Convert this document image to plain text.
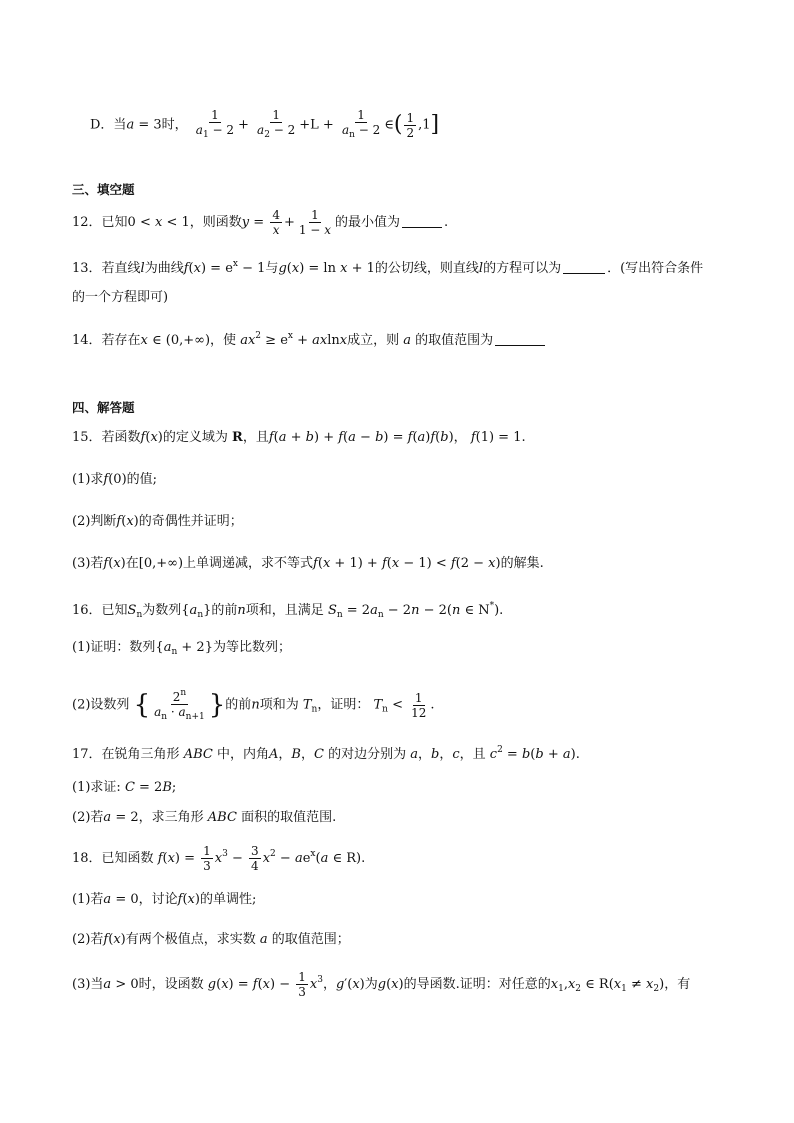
D．当a = 3时， $\frac{1}{a_1 - 2} + \frac{1}{a_2 - 2} +L + \frac{1}{a_n - 2}$ ∈( $\frac{1}{2} ,1$]
三、填空题
12．已知0 < x < 1，则函数$y = \frac{4}{x} + \frac{1}{1 - x}$ 的最小值为	.
13．若直线l为曲线$f(x) = e^x - 1$与g(x) = ln x + 1的公切线，则直线l的方程可以为	．(写出符合条件
的一个方程即可)
14．若存在x ∈ (0,+∞)，使 $ax^2 \ge e^x + axlnx$成立，则 a 的取值范围为
四、解答题
15．若函数f(x)的定义域为 R，且f(a + b) + f(a − b) = f(a)f(b)， f(1) = 1.
(1)求f(0)的值;
(2)判断f(x)的奇偶性并证明；
(3)若f(x)在[0,+∞)上单调递减，求不等式f(x + 1) + f(x − 1) < f(2 − x)的解集.
16．已知$S_n$为数列$\{a_n\}$的前n项和，且满足 $S_n = 2a_n - 2n - 2(n$ ∈ N*).
(1)证明：数列$\{a_n + 2\}$为等比数列；
(2)设数列 { $\frac{2^n}{a_n \cdot a_{n+1}}$ }的前n项和为 $T_n$，证明： $T_n < \frac{1}{12}$ .
17．在锐角三角形 ABC 中，内角A，B，C 的对边分别为 a，b，c，且 $c^2 = b(b + a)$.
(1)求证: C = 2B;
(2)若a = 2，求三角形 ABC 面积的取值范围.
18．已知函数 $f(x) = \frac{1}{3} x^3 - \frac{3}{4} x^2 - ae^x(a$ ∈ R).
(1)若a = 0，讨论f(x)的单调性;
(2)若f(x)有两个极值点，求实数 a 的取值范围；
(3)当a > 0时，设函数 $g(x) = f(x) - \frac{1}{3} x^3$，g′(x)为g(x)的导函数.证明：对任意的$x_1,x_2$ ∈ $R(x_1 \ne x_2)$，有
